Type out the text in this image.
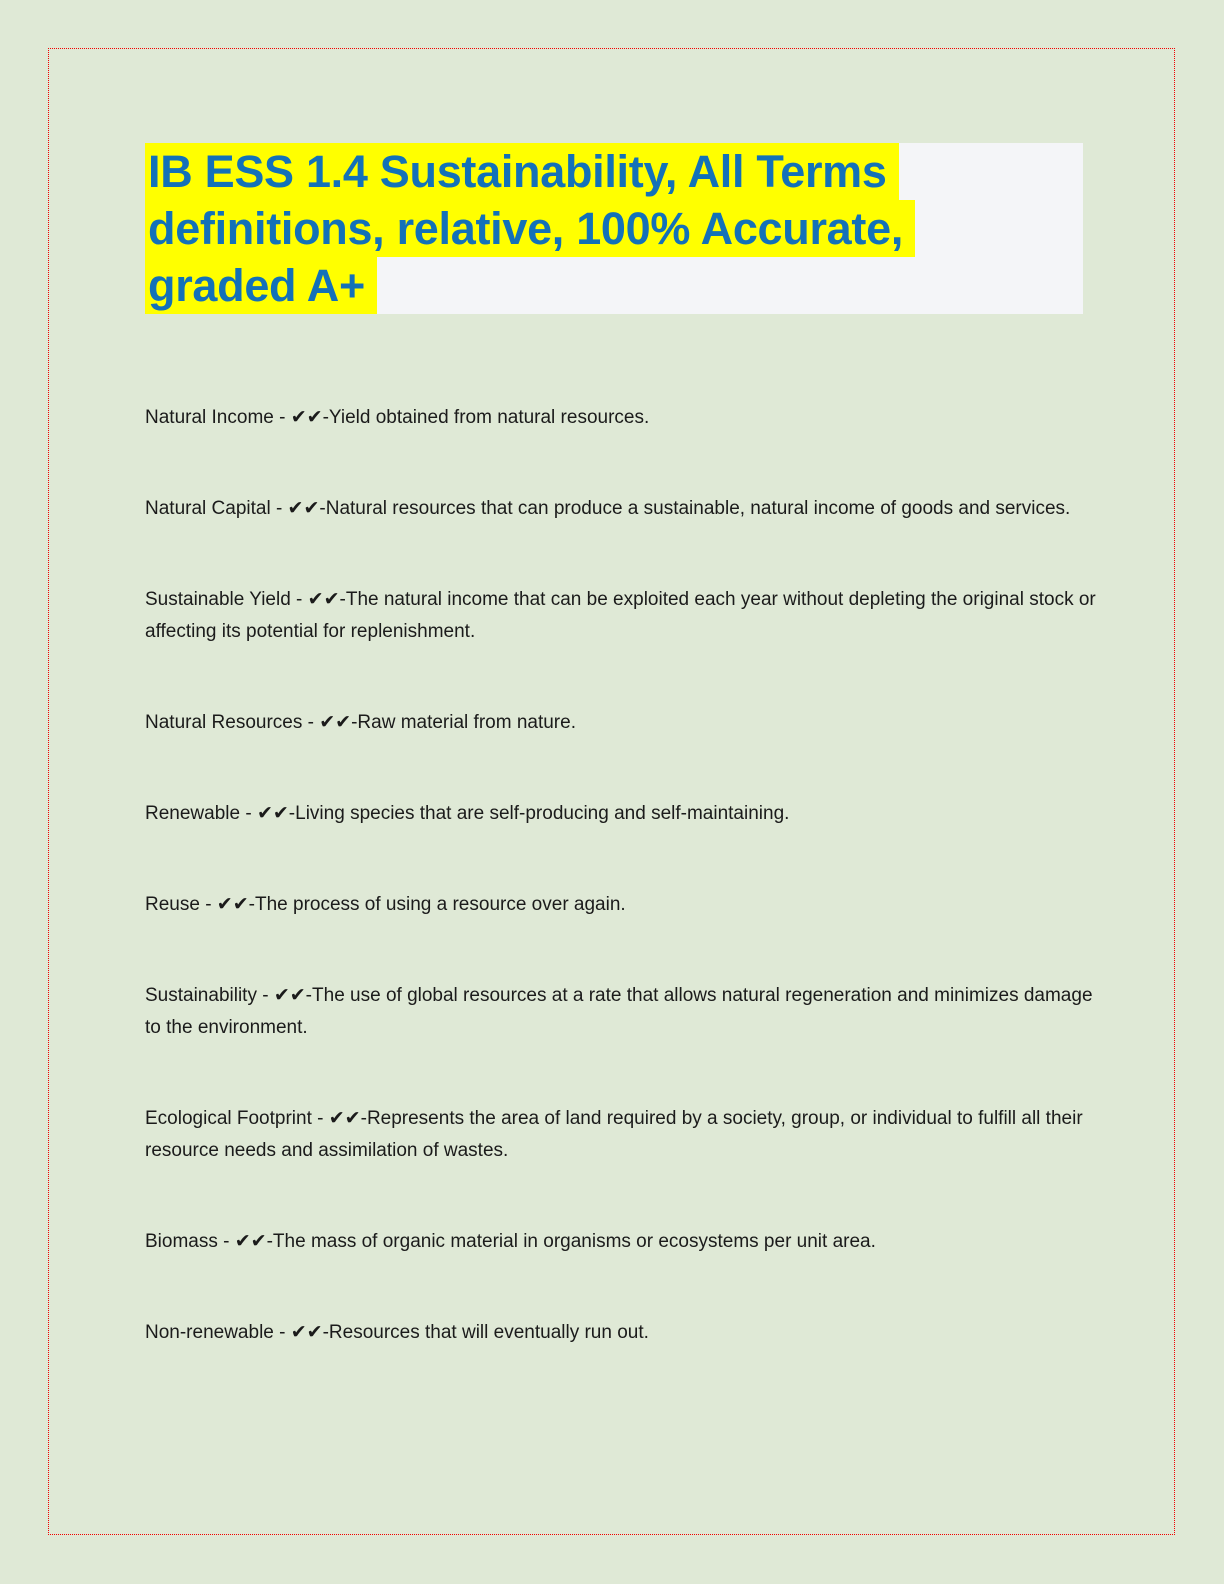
IB ESS 1.4 Sustainability, All Terms
definitions, relative, 100% Accurate,
graded A+

Natural Income - ✔✔-Yield obtained from natural resources.

Natural Capital - ✔✔-Natural resources that can produce a sustainable, natural income of goods and services.

Sustainable Yield - ✔✔-The natural income that can be exploited each year without depleting the original stock or affecting its potential for replenishment.

Natural Resources - ✔✔-Raw material from nature.

Renewable - ✔✔-Living species that are self-producing and self-maintaining.

Reuse - ✔✔-The process of using a resource over again.

Sustainability - ✔✔-The use of global resources at a rate that allows natural regeneration and minimizes damage to the environment.

Ecological Footprint - ✔✔-Represents the area of land required by a society, group, or individual to fulfill all their resource needs and assimilation of wastes.

Biomass - ✔✔-The mass of organic material in organisms or ecosystems per unit area.

Non-renewable - ✔✔-Resources that will eventually run out.
